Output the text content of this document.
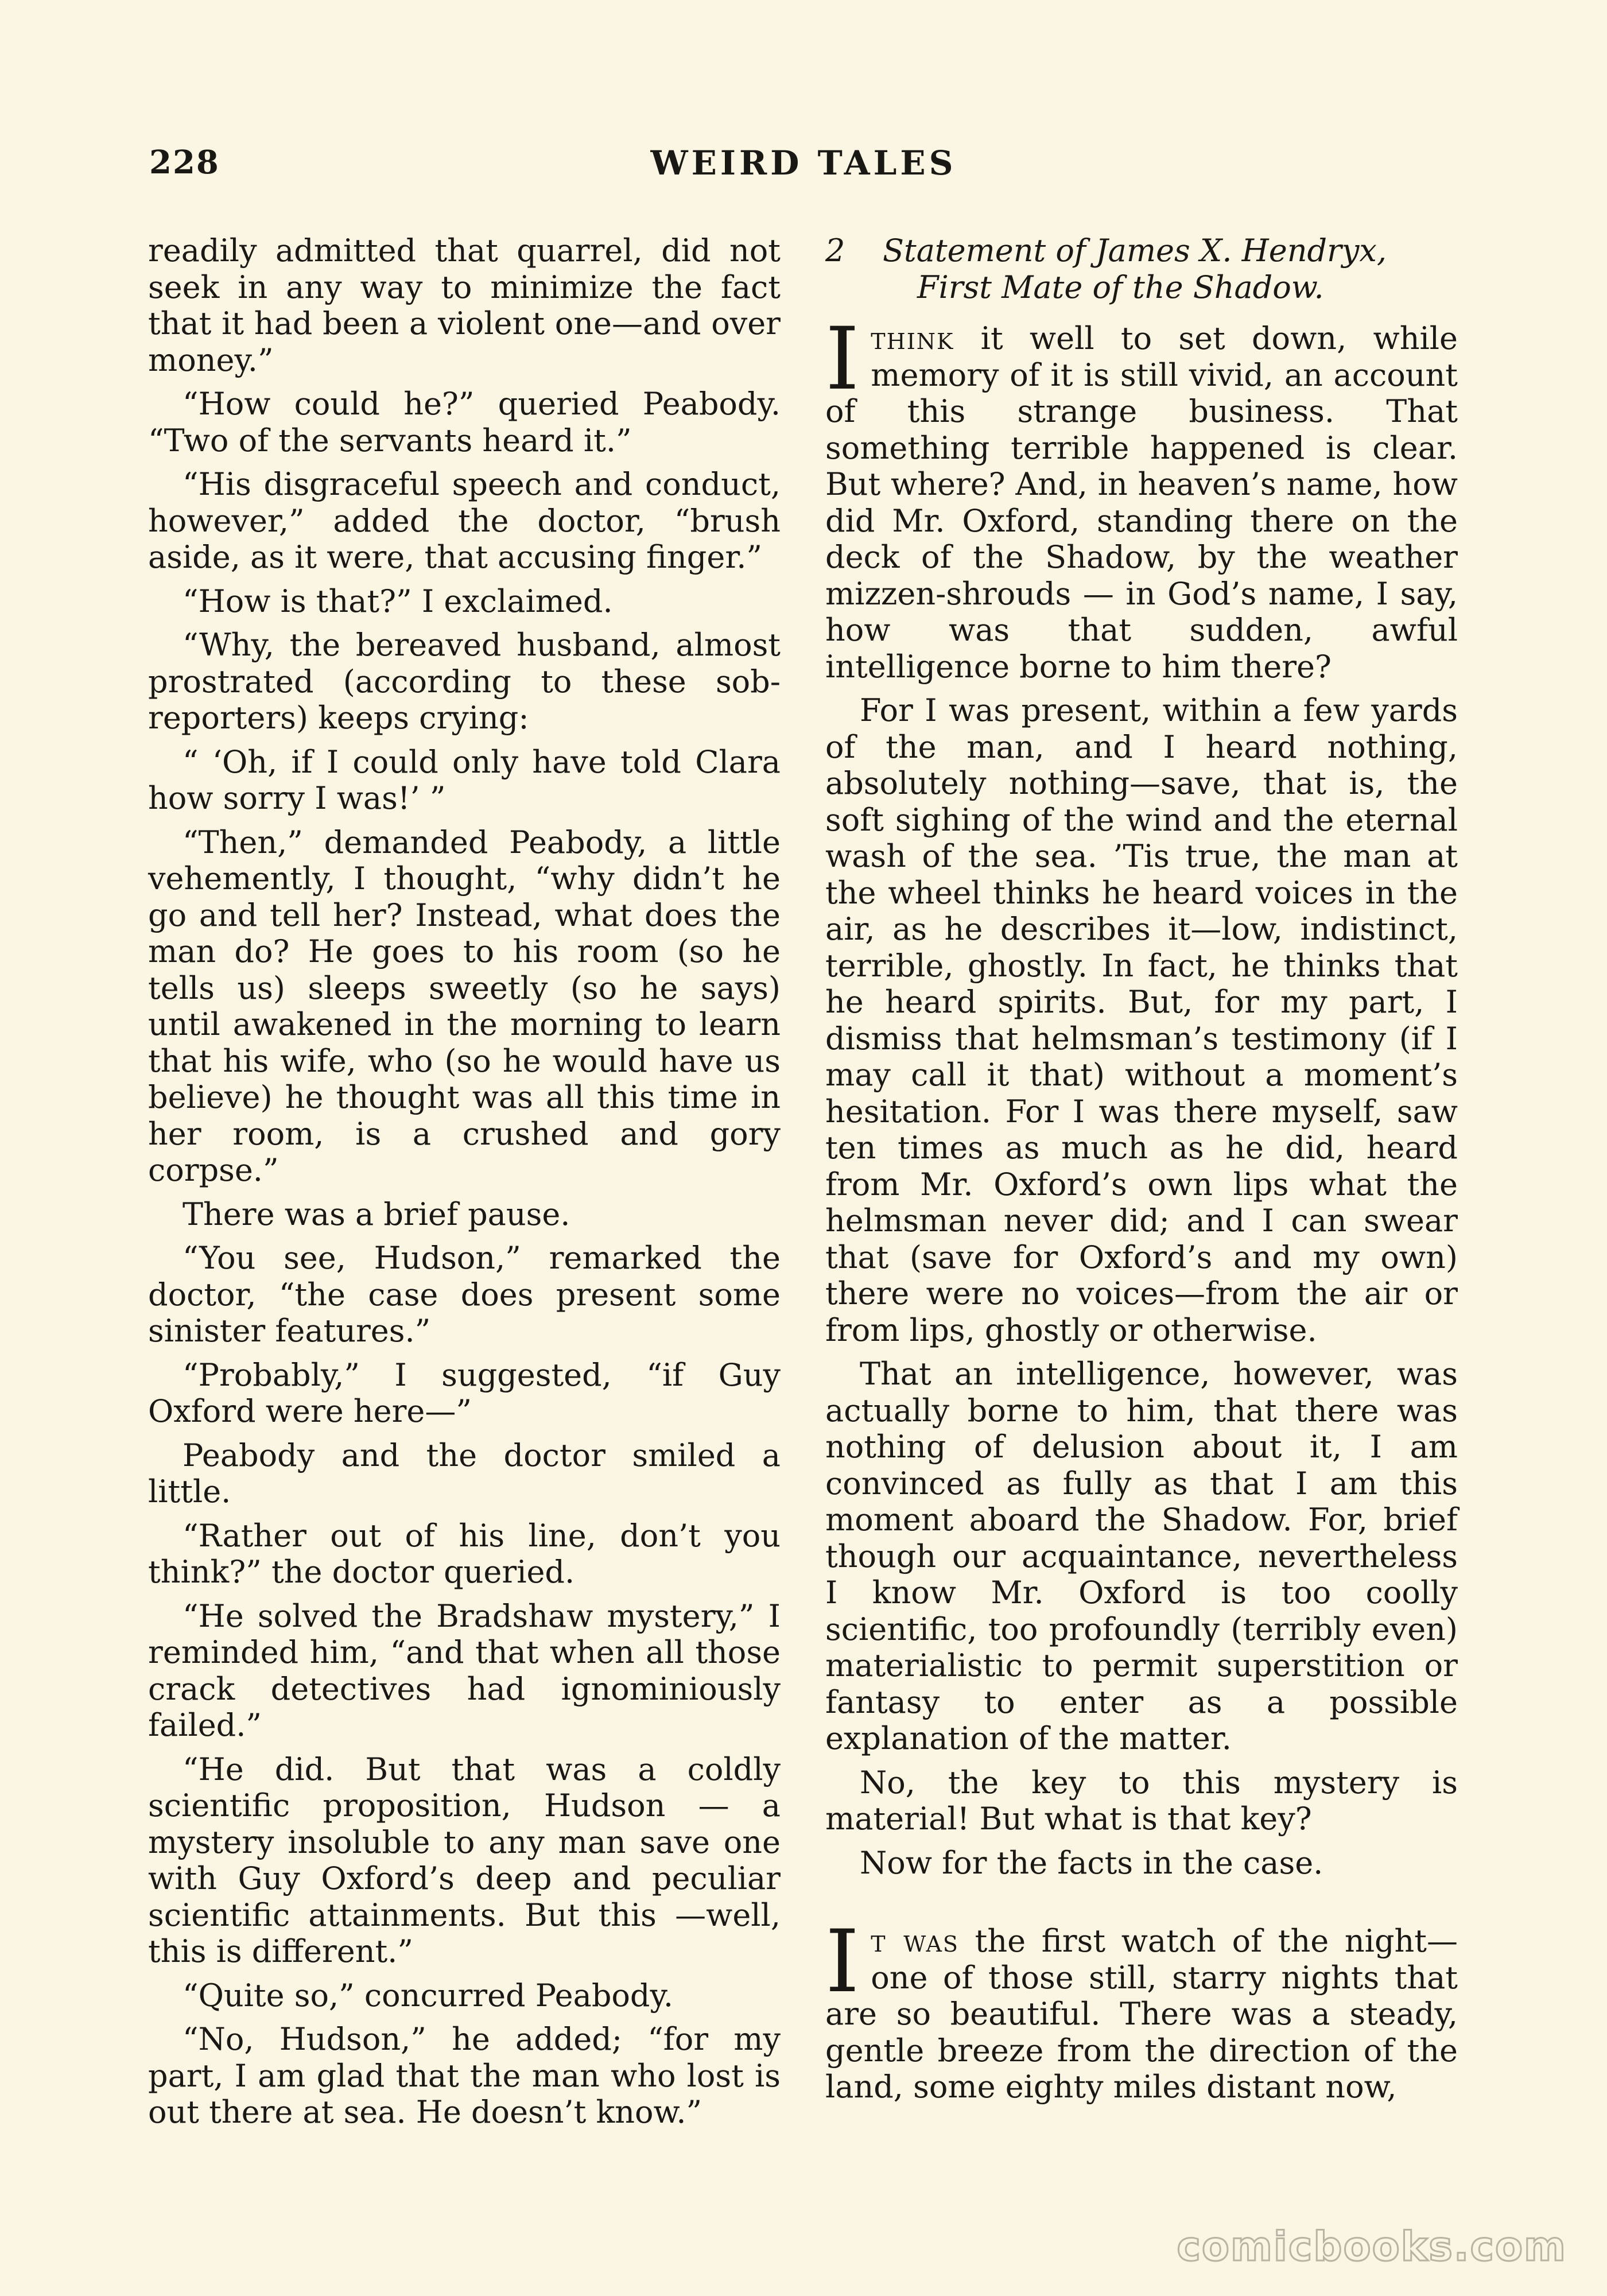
228	WEIRD TALES

readily admitted that quarrel, did not seek in any way to minimize the fact that it had been a violent one—and over money.”

“How could he?” queried Peabody. “Two of the servants heard it.”

“His disgraceful speech and conduct, however,” added the doctor, “brush aside, as it were, that accusing finger.”

“How is that?” I exclaimed.

“Why, the bereaved husband, almost prostrated (according to these sob-reporters) keeps crying:

“ ‘Oh, if I could only have told Clara how sorry I was!’ ”

“Then,” demanded Peabody, a little vehemently, I thought, “why didn’t he go and tell her? Instead, what does the man do? He goes to his room (so he tells us) sleeps sweetly (so he says) until awakened in the morning to learn that his wife, who (so he would have us believe) he thought was all this time in her room, is a crushed and gory corpse.”

There was a brief pause.

“You see, Hudson,” remarked the doctor, “the case does present some sinister features.”

“Probably,” I suggested, “if Guy Oxford were here—”

Peabody and the doctor smiled a little.

“Rather out of his line, don’t you think?” the doctor queried.

“He solved the Bradshaw mystery,” I reminded him, “and that when all those crack detectives had ignominiously failed.”

“He did. But that was a coldly scientific proposition, Hudson — a mystery insoluble to any man save one with Guy Oxford’s deep and peculiar scientific attainments. But this —well, this is different.”

“Quite so,” concurred Peabody.

“No, Hudson,” he added; “for my part, I am glad that the man who lost is out there at sea. He doesn’t know.”

2	Statement of James X. Hendryx,
First Mate of the Shadow.

Ithink it well to set down, while memory of it is still vivid, an account of this strange business. That something terrible happened is clear. But where? And, in heaven’s name, how did Mr. Oxford, standing there on the deck of the Shadow, by the weather mizzen-shrouds — in God’s name, I say, how was that sudden, awful intelligence borne to him there?

For I was present, within a few yards of the man, and I heard nothing, absolutely nothing—save, that is, the soft sighing of the wind and the eternal wash of the sea. ’Tis true, the man at the wheel thinks he heard voices in the air, as he describes it—low, indistinct, terrible, ghostly. In fact, he thinks that he heard spirits. But, for my part, I dismiss that helmsman’s testimony (if I may call it that) without a moment’s hesitation. For I was there myself, saw ten times as much as he did, heard from Mr. Oxford’s own lips what the helmsman never did; and I can swear that (save for Oxford’s and my own) there were no voices—from the air or from lips, ghostly or otherwise.

That an intelligence, however, was actually borne to him, that there was nothing of delusion about it, I am convinced as fully as that I am this moment aboard the Shadow. For, brief though our acquaintance, nevertheless I know Mr. Oxford is too coolly scientific, too profoundly (terribly even) materialistic to permit superstition or fantasy to enter as a possible explanation of the matter.

No, the key to this mystery is material! But what is that key?

Now for the facts in the case.

It was the first watch of the night—one of those still, starry nights that are so beautiful. There was a steady, gentle breeze from the direction of the land, some eighty miles distant now,

comicbooks.com
